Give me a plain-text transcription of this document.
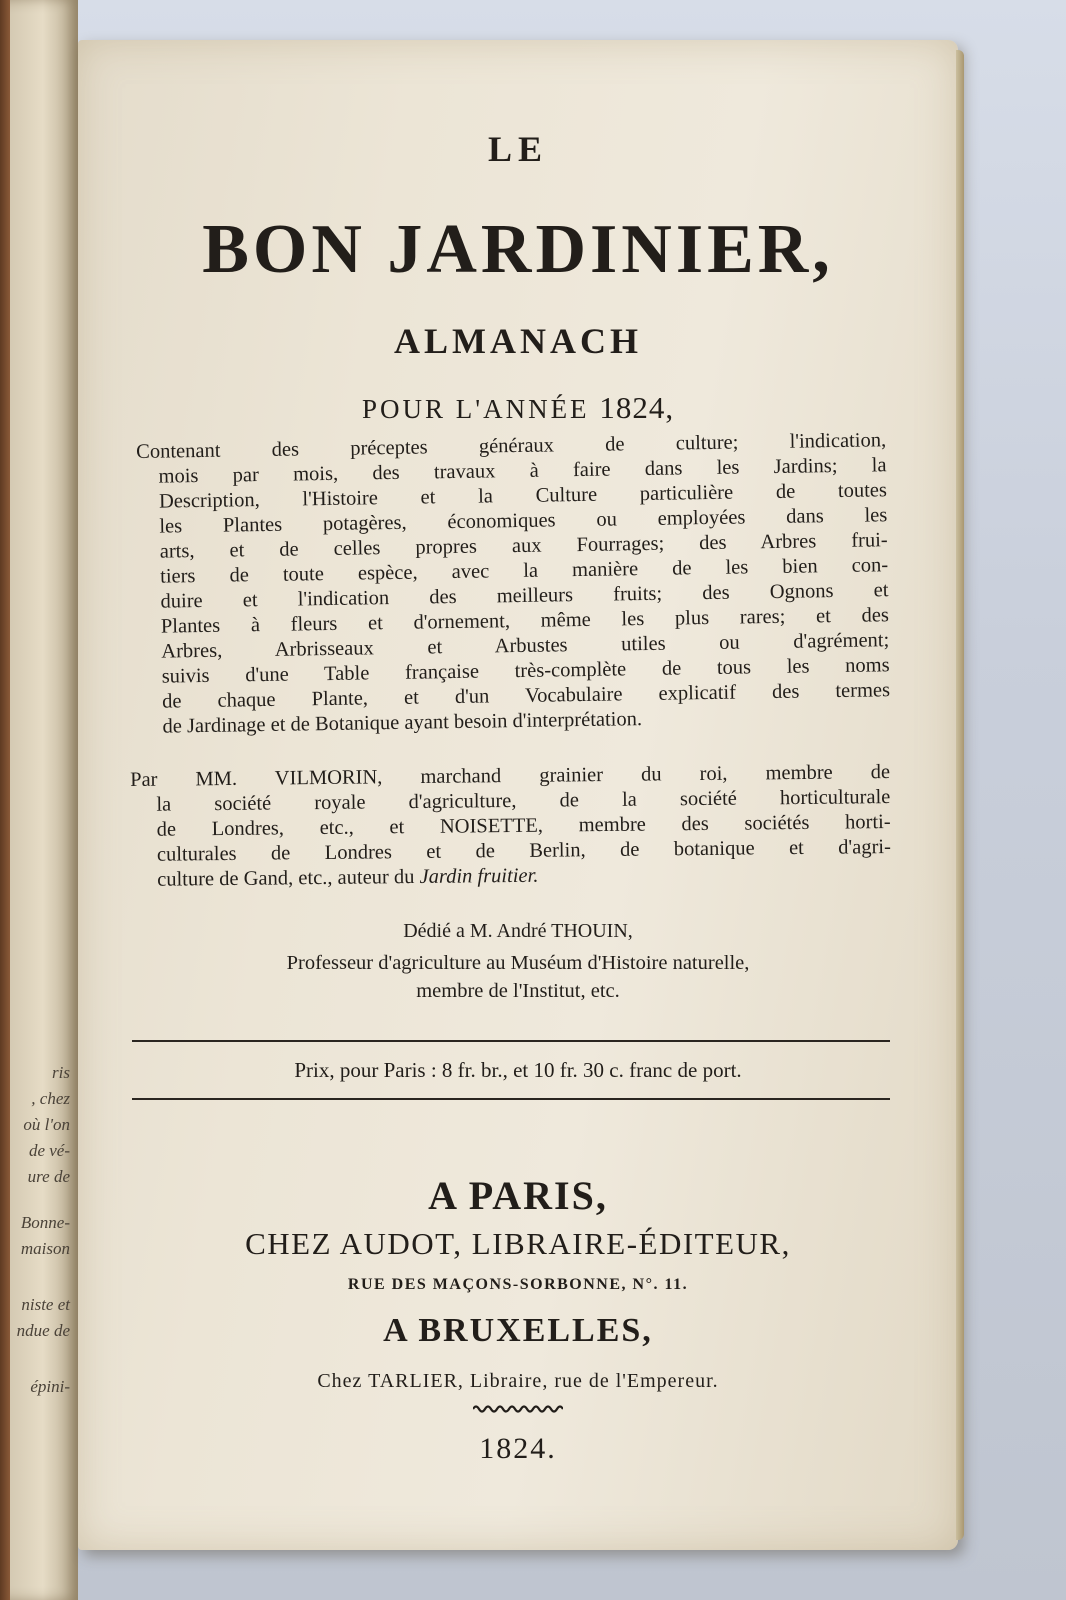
ris
, chez
où l'on
de vé-
ure de
Bonne-
maison
niste et
ndue de
épini-
LE
BON JARDINIER,
ALMANACH
POUR L'ANNÉE 1824,
Contenant des préceptes généraux de culture; l'indication,
mois par mois, des travaux à faire dans les Jardins; la
Description, l'Histoire et la Culture particulière de toutes
les Plantes potagères, économiques ou employées dans les
arts, et de celles propres aux Fourrages; des Arbres frui-
tiers de toute espèce, avec la manière de les bien con-
duire et l'indication des meilleurs fruits; des Ognons et
Plantes à fleurs et d'ornement, même les plus rares; et des
Arbres, Arbrisseaux et Arbustes utiles ou d'agrément;
suivis d'une Table française très-complète de tous les noms
de chaque Plante, et d'un Vocabulaire explicatif des termes
de Jardinage et de Botanique ayant besoin d'interprétation.
Par MM. VILMORIN, marchand grainier du roi, membre de
la société royale d'agriculture, de la société horticulturale
de Londres, etc., et NOISETTE, membre des sociétés horti-
culturales de Londres et de Berlin, de botanique et d'agri-
culture de Gand, etc., auteur du Jardin fruitier.
Dédié a M. André THOUIN,
Professeur d'agriculture au Muséum d'Histoire naturelle,
membre de l'Institut, etc.
Prix, pour Paris : 8 fr. br., et 10 fr. 30 c. franc de port.
A PARIS,
CHEZ AUDOT, LIBRAIRE-ÉDITEUR,
RUE DES MAÇONS-SORBONNE, N°. 11.
A BRUXELLES,
Chez TARLIER, Libraire, rue de l'Empereur.
1824.
